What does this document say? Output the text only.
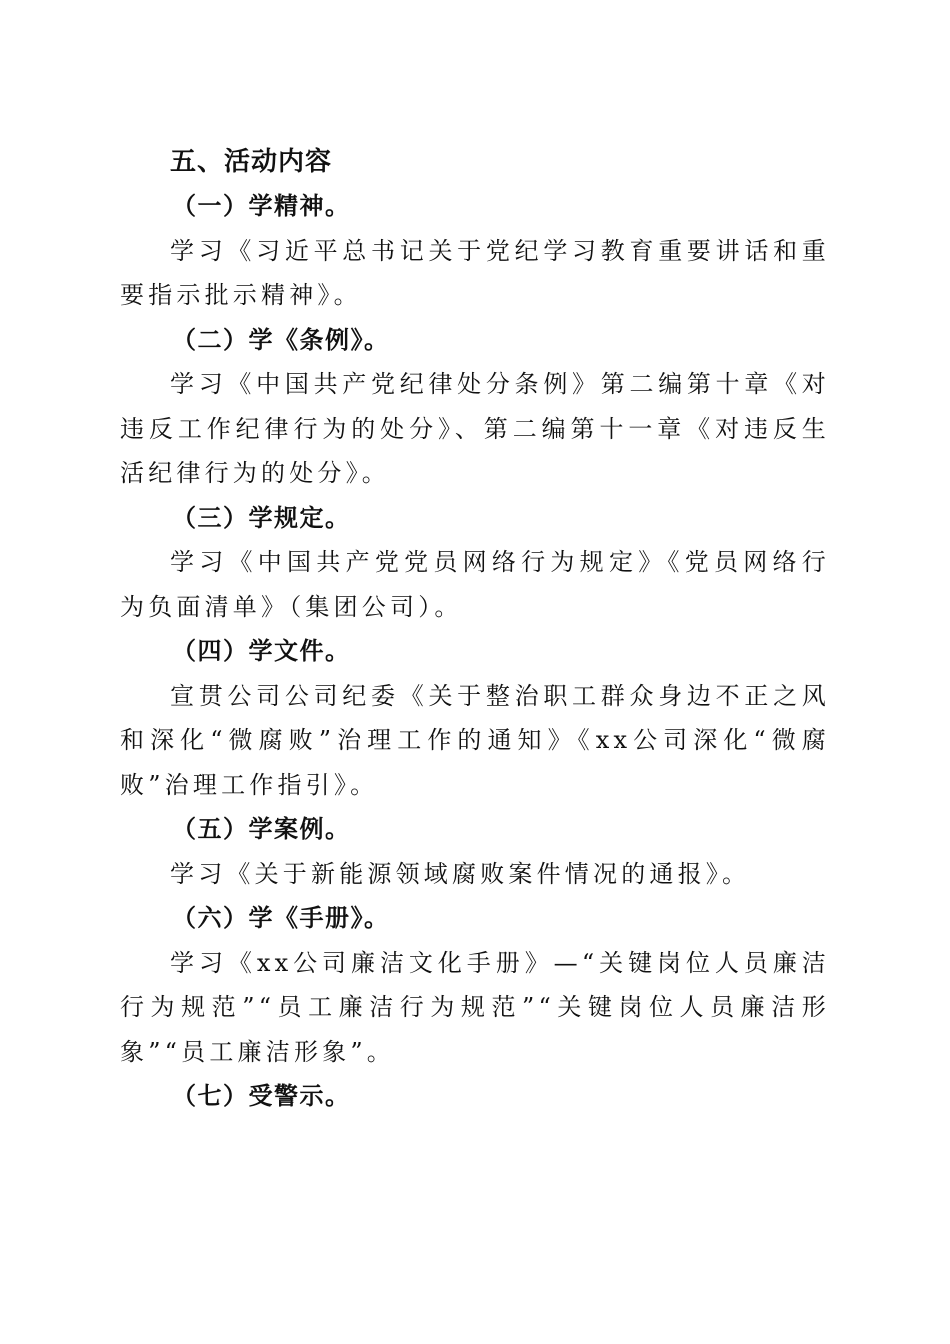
五、活动内容
（一）学精神。
学习《习近平总书记关于党纪学习教育重要讲话和重要指示批示精神》。
（二）学《条例》。
学习《中国共产党纪律处分条例》第二编第十章《对违反工作纪律行为的处分》、第二编第十一章《对违反生活纪律行为的处分》。
（三）学规定。
学习《中国共产党党员网络行为规定》《党员网络行为负面清单》（集团公司）。
（四）学文件。
宣贯公司公司纪委《关于整治职工群众身边不正之风和深化“微腐败”治理工作的通知》《xx公司深化“微腐败”治理工作指引》。
（五）学案例。
学习《关于新能源领域腐败案件情况的通报》。
（六）学《手册》。
学习《xx公司廉洁文化手册》—“关键岗位人员廉洁行为规范”“员工廉洁行为规范”“关键岗位人员廉洁形象”“员工廉洁形象”。
（七）受警示。
